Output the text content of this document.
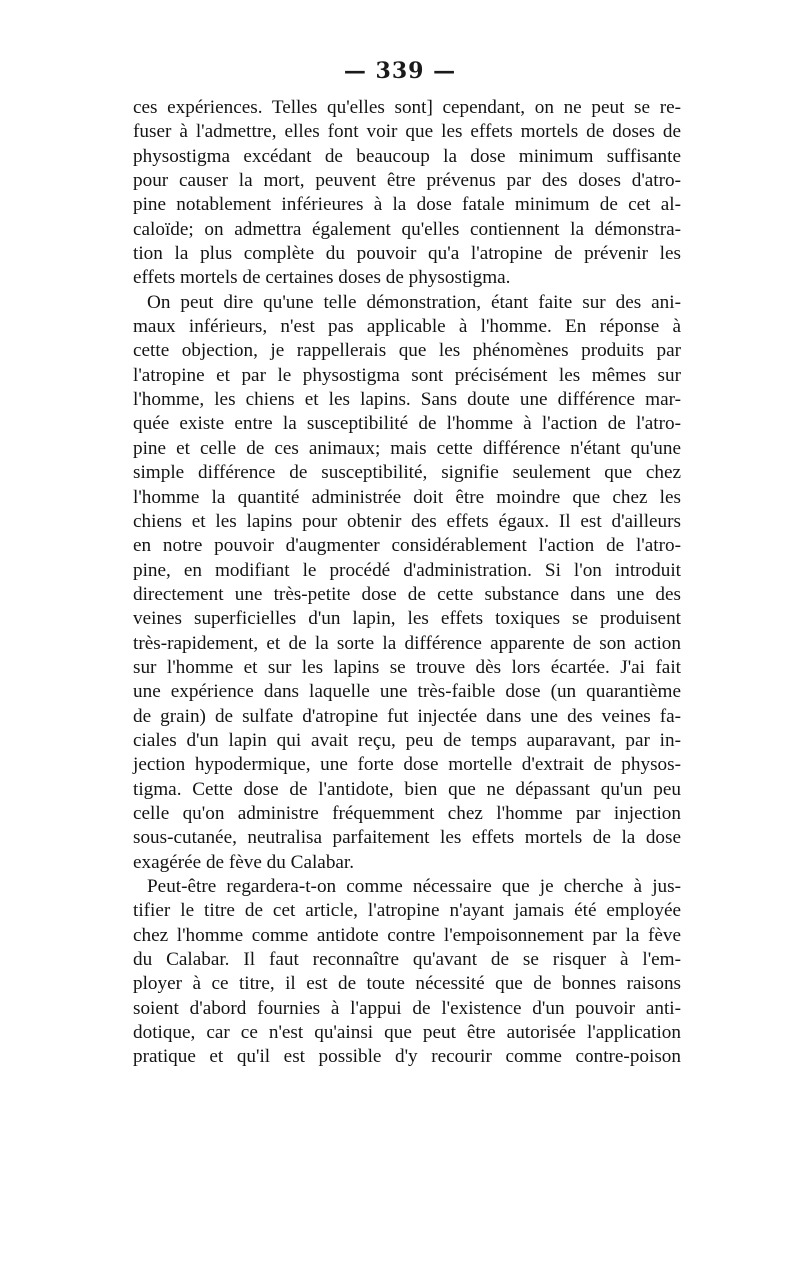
— 339 —
ces expériences. Telles qu'elles sont] cependant, on ne peut se re-
fuser à l'admettre, elles font voir que les effets mortels de doses de
physostigma excédant de beaucoup la dose minimum suffisante
pour causer la mort, peuvent être prévenus par des doses d'atro-
pine notablement inférieures à la dose fatale minimum de cet al-
caloïde; on admettra également qu'elles contiennent la démonstra-
tion la plus complète du pouvoir qu'a l'atropine de prévenir les
effets mortels de certaines doses de physostigma.
On peut dire qu'une telle démonstration, étant faite sur des ani-
maux inférieurs, n'est pas applicable à l'homme. En réponse à
cette objection, je rappellerais que les phénomènes produits par
l'atropine et par le physostigma sont précisément les mêmes sur
l'homme, les chiens et les lapins. Sans doute une différence mar-
quée existe entre la susceptibilité de l'homme à l'action de l'atro-
pine et celle de ces animaux; mais cette différence n'étant qu'une
simple différence de susceptibilité, signifie seulement que chez
l'homme la quantité administrée doit être moindre que chez les
chiens et les lapins pour obtenir des effets égaux. Il est d'ailleurs
en notre pouvoir d'augmenter considérablement l'action de l'atro-
pine, en modifiant le procédé d'administration. Si l'on introduit
directement une très-petite dose de cette substance dans une des
veines superficielles d'un lapin, les effets toxiques se produisent
très-rapidement, et de la sorte la différence apparente de son action
sur l'homme et sur les lapins se trouve dès lors écartée. J'ai fait
une expérience dans laquelle une très-faible dose (un quarantième
de grain) de sulfate d'atropine fut injectée dans une des veines fa-
ciales d'un lapin qui avait reçu, peu de temps auparavant, par in-
jection hypodermique, une forte dose mortelle d'extrait de physos-
tigma. Cette dose de l'antidote, bien que ne dépassant qu'un peu
celle qu'on administre fréquemment chez l'homme par injection
sous-cutanée, neutralisa parfaitement les effets mortels de la dose
exagérée de fève du Calabar.
Peut-être regardera-t-on comme nécessaire que je cherche à jus-
tifier le titre de cet article, l'atropine n'ayant jamais été employée
chez l'homme comme antidote contre l'empoisonnement par la fève
du Calabar. Il faut reconnaître qu'avant de se risquer à l'em-
ployer à ce titre, il est de toute nécessité que de bonnes raisons
soient d'abord fournies à l'appui de l'existence d'un pouvoir anti-
dotique, car ce n'est qu'ainsi que peut être autorisée l'application
pratique et qu'il est possible d'y recourir comme contre-poison
